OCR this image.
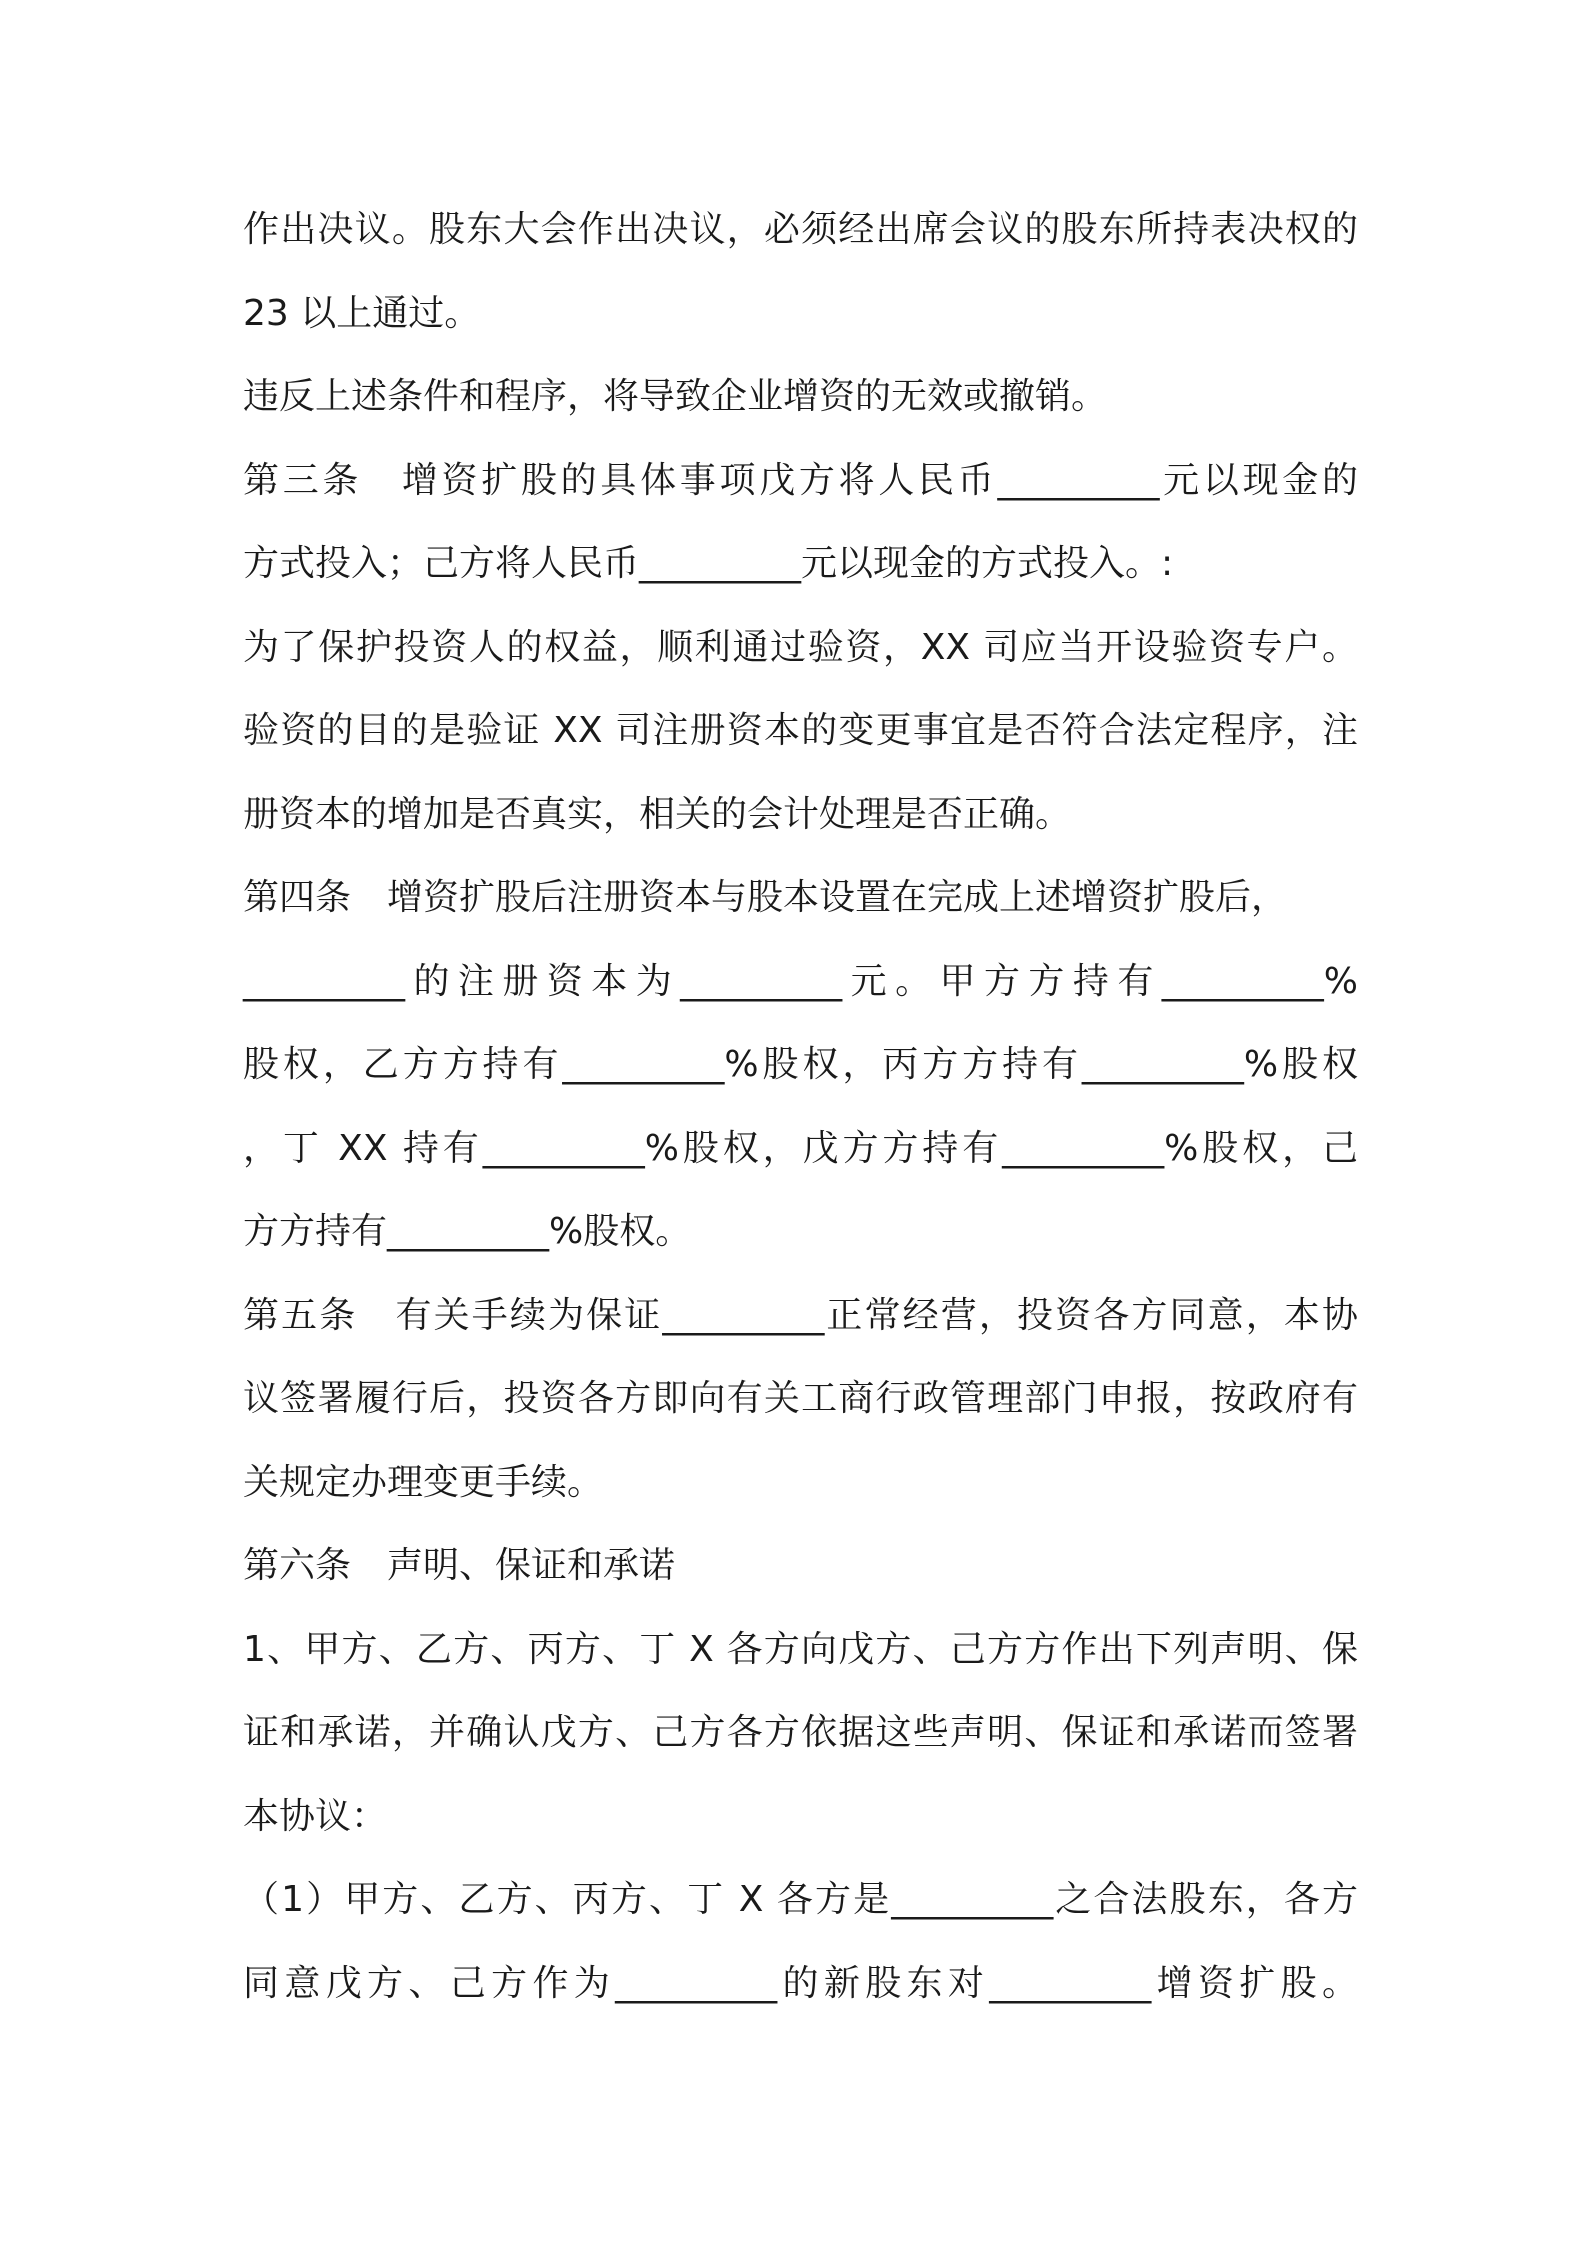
作出决议。股东大会作出决议，必须经出席会议的股东所持表决权的
23 以上通过。
违反上述条件和程序，将导致企业增资的无效或撤销。
第三条　增资扩股的具体事项戊方将人民币_________元以现金的
方式投入；己方将人民币_________元以现金的方式投入。:
为了保护投资人的权益，顺利通过验资，XX 司应当开设验资专户。
验资的目的是验证 XX 司注册资本的变更事宜是否符合法定程序，注
册资本的增加是否真实，相关的会计处理是否正确。
第四条　增资扩股后注册资本与股本设置在完成上述增资扩股后，
_________的注册资本为_________元。甲方方持有_________%
股权，乙方方持有_________%股权，丙方方持有_________%股权
，丁 XX 持有_________%股权，戊方方持有_________%股权，己
方方持有_________%股权。
第五条　有关手续为保证_________正常经营，投资各方同意，本协
议签署履行后，投资各方即向有关工商行政管理部门申报，按政府有
关规定办理变更手续。
第六条　声明、保证和承诺
1、甲方、乙方、丙方、丁 X 各方向戊方、己方方作出下列声明、保
证和承诺，并确认戊方、己方各方依据这些声明、保证和承诺而签署
本协议：
（1）甲方、乙方、丙方、丁 X 各方是_________之合法股东，各方
同意戊方、己方作为_________的新股东对_________增资扩股。
